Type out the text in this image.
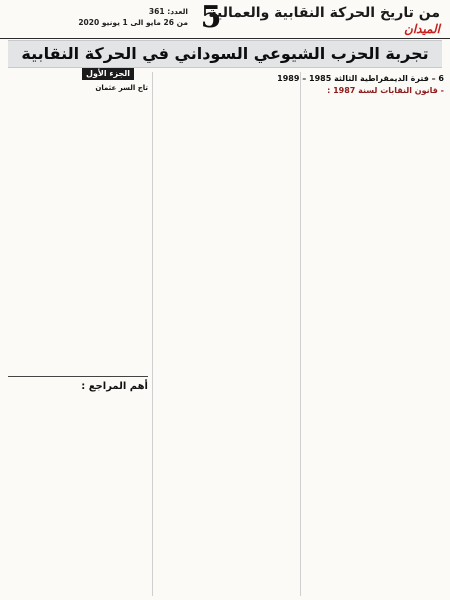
العدد: 361
من 26 مايو الى 1 يونيو 2020 5
من تاريخ الحركة النقابية والعمالية
الميدان
تجربة الحزب الشيوعي السوداني في الحركة النقابية
6 – فترة الديمقراطية الثالثة 1985 – 1989
- قانون النقابات لسنة 1987 :
الجزء الأول
تاج السر عثمان
أهم المراجع :
